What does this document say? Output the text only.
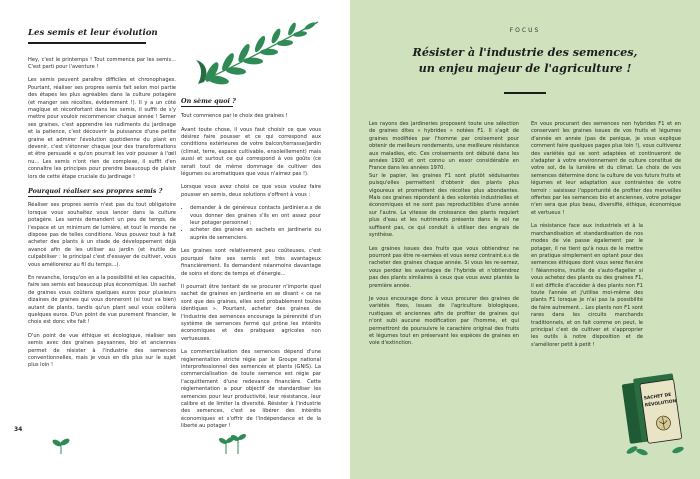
Les semis et leur évolution

Hey, c'est le printemps ! Tout commence par les semis... C'est parti pour l'aventure !

Les semis peuvent paraître difficiles et chronophages. Pourtant, réaliser ses propres semis fait selon moi partie des étapes les plus agréables dans la culture potagère (et manger ses récoltes, évidemment !). Il y a un côté magique et réconfortant dans les semis, il suffit de s'y mettre pour vouloir recommencer chaque année ! Semer ses graines, c'est apprendre les rudiments du jardinage et la patience, c'est découvrir la puissance d'une petite graine et admirer l'évolution quotidienne du plant en devenir, c'est s'étonner chaque jour des transformations et être persuadé e qu'on pourrait les voir pousser à l'œil nu... Les semis n'ont rien de complexe, il suffit d'en connaître les principes pour prendre beaucoup de plaisir lors de cette étape cruciale du jardinage !

Pourquoi réaliser ses propres semis ?

Réaliser ses propres semis n'est pas du tout obligatoire lorsque vous souhaitez vous lancer dans la culture potagère. Les semis demandent un peu de temps, de l'espace et un minimum de lumière, et tout le monde ne dispose pas de telles conditions. Vous pouvez tout à fait acheter des plants à un stade de développement déjà avancé afin de les utiliser au jardin (et inutile de culpabiliser : le principal c'est d'essayer de cultiver, vous vous améliorerez au fil du temps...).

En revanche, lorsqu'on en a la possibilité et les capacités, faire ses semis est beaucoup plus économique. Un sachet de graines vous coûtera quelques euros pour plusieurs dizaines de graines qui vous donneront (si tout va bien) autant de plants, tandis qu'un plant seul vous coûtera quelques euros. D'un point de vue purement financier, le choix est donc vite fait !

D'un point de vue éthique et écologique, réaliser ses semis avec des graines paysannes, bio et anciennes permet de résister à l'industrie des semences conventionnelles, mais je vous en dis plus sur le sujet plus loin !

On sème quoi ?

Tout commence par le choix des graines !

Avant toute chose, il vous faut choisir ce que vous désirez faire pousser et ce qui correspond aux conditions extérieures de votre balcon/terrasse/jardin (climat, terre, espace cultivable, ensoleillement) mais aussi et surtout ce qui correspond à vos goûts (ce serait tout de même dommage de cultiver des légumes ou aromatiques que vous n'aimez pas !).

Lorsque vous avez choisi ce que vous voulez faire pousser en semis, deux solutions s'offrent à vous :

• demander à de généreux contacts jardinier.e.s de vous donner des graines s'ils en ont assez pour leur potager personnel ;
• acheter des graines en sachets en jardinerie ou auprès de semenciers.

Les graines sont relativement peu coûteuses, c'est pourquoi faire ses semis est très avantageux financièrement. Ils demandent néanmoins davantage de soins et donc de temps et d'énergie...

Il pourrait être tentant de se procurer n'importe quel sachet de graines en jardinerie en se disant « ce ne sont que des graines, elles sont probablement toutes identiques ». Pourtant, acheter des graines de l'industrie des semences encourage la pérennité d'un système de semences fermé qui prône les intérêts économiques et des pratiques agricoles non vertueuses.

La commercialisation des semences dépend d'une réglementation stricte régie par le Groupe national interprofessionnel des semences et plants (GNIS). La commercialisation de toute semence est régie par l'acquittement d'une redevance financière. Cette réglementation a pour objectif de standardiser les semences pour leur productivité, leur résistance, leur calibre et de limiter la diversité. Résister à l'industrie des semences, c'est se libérer des intérêts économiques et s'offrir de l'indépendance et de la liberté au potager !

34
FOCUS
Résister à l'industrie des semences,
un enjeu majeur de l'agriculture !

Les rayons des jardineries proposent toute une sélection de graines dites « hybrides » notées F1. Il s'agit de graines modifiées par l'homme par croisement pour obtenir de meilleurs rendements, une meilleure résistance aux maladies, etc. Ces croisements ont débuté dans les années 1920 et ont connu un essor considérable en France dans les années 1970.

Sur le papier, les graines F1 sont plutôt séduisantes puisqu'elles permettent d'obtenir des plants plus vigoureux et promettent des récoltes plus abondantes. Mais ces graines répondent à des volontés industrielles et économiques et ne sont pas reproductibles d'une année sur l'autre. La vitesse de croissance des plants requiert plus d'eau et les nutriments présents dans le sol ne suffisent pas, ce qui conduit à utiliser des engrais de synthèse.

Les graines issues des fruits que vous obtiendrez ne pourront pas être re-semées et vous serez contraint.e.s de racheter des graines chaque année. Si vous les re-semez, vous perdez les avantages de l'hybride et n'obtiendrez pas des plants similaires à ceux que vous avez plantés la première année.

Je vous encourage donc à vous procurer des graines de variétés fixes, issues de l'agriculture biologiques, rustiques et anciennes afin de profiter de graines qui n'ont subi aucune modification par l'homme, et qui permettront de poursuivre le caractère original des fruits et légumes tout en préservant les espèces de graines en voie d'extinction.

En vous procurant des semences non hybrides F1 et en conservant les graines issues de vos fruits et légumes d'année en année (pas de panique, je vous explique comment faire quelques pages plus loin !), vous cultiverez des variétés qui se sont adaptées et continueront de s'adapter à votre environnement de culture constitué de votre sol, de la lumière et du climat. Le choix de vos semences détermine donc la culture de vos futurs fruits et légumes et leur adaptation aux contraintes de votre terroir : saisissez l'opportunité de profiter des merveilles offertes par les semences bio et anciennes, votre potager n'en sera que plus beau, diversifié, éthique, économique et vertueux !

La résistance face aux industriels et à la marchandisation et standardisation de nos modes de vie passe également par le potager, il ne tient qu'à nous de le mettre en pratique simplement en optant pour des semences éthiques dont vous serez fier.ère ! Néanmoins, inutile de s'auto-flageller si vous achetez des plants ou des graines F1, il est difficile d'accéder à des plants non F1 toute l'année et j'utilise moi-même des plants F1 lorsque je n'ai pas la possibilité de faire autrement... Les plants non F1 sont rares dans les circuits marchands traditionnels, et on fait comme on peut, le principal c'est de cultiver et s'approprier les outils à notre disposition et de s'améliorer petit à petit !

SACHET DE
RÉVOLUTION
